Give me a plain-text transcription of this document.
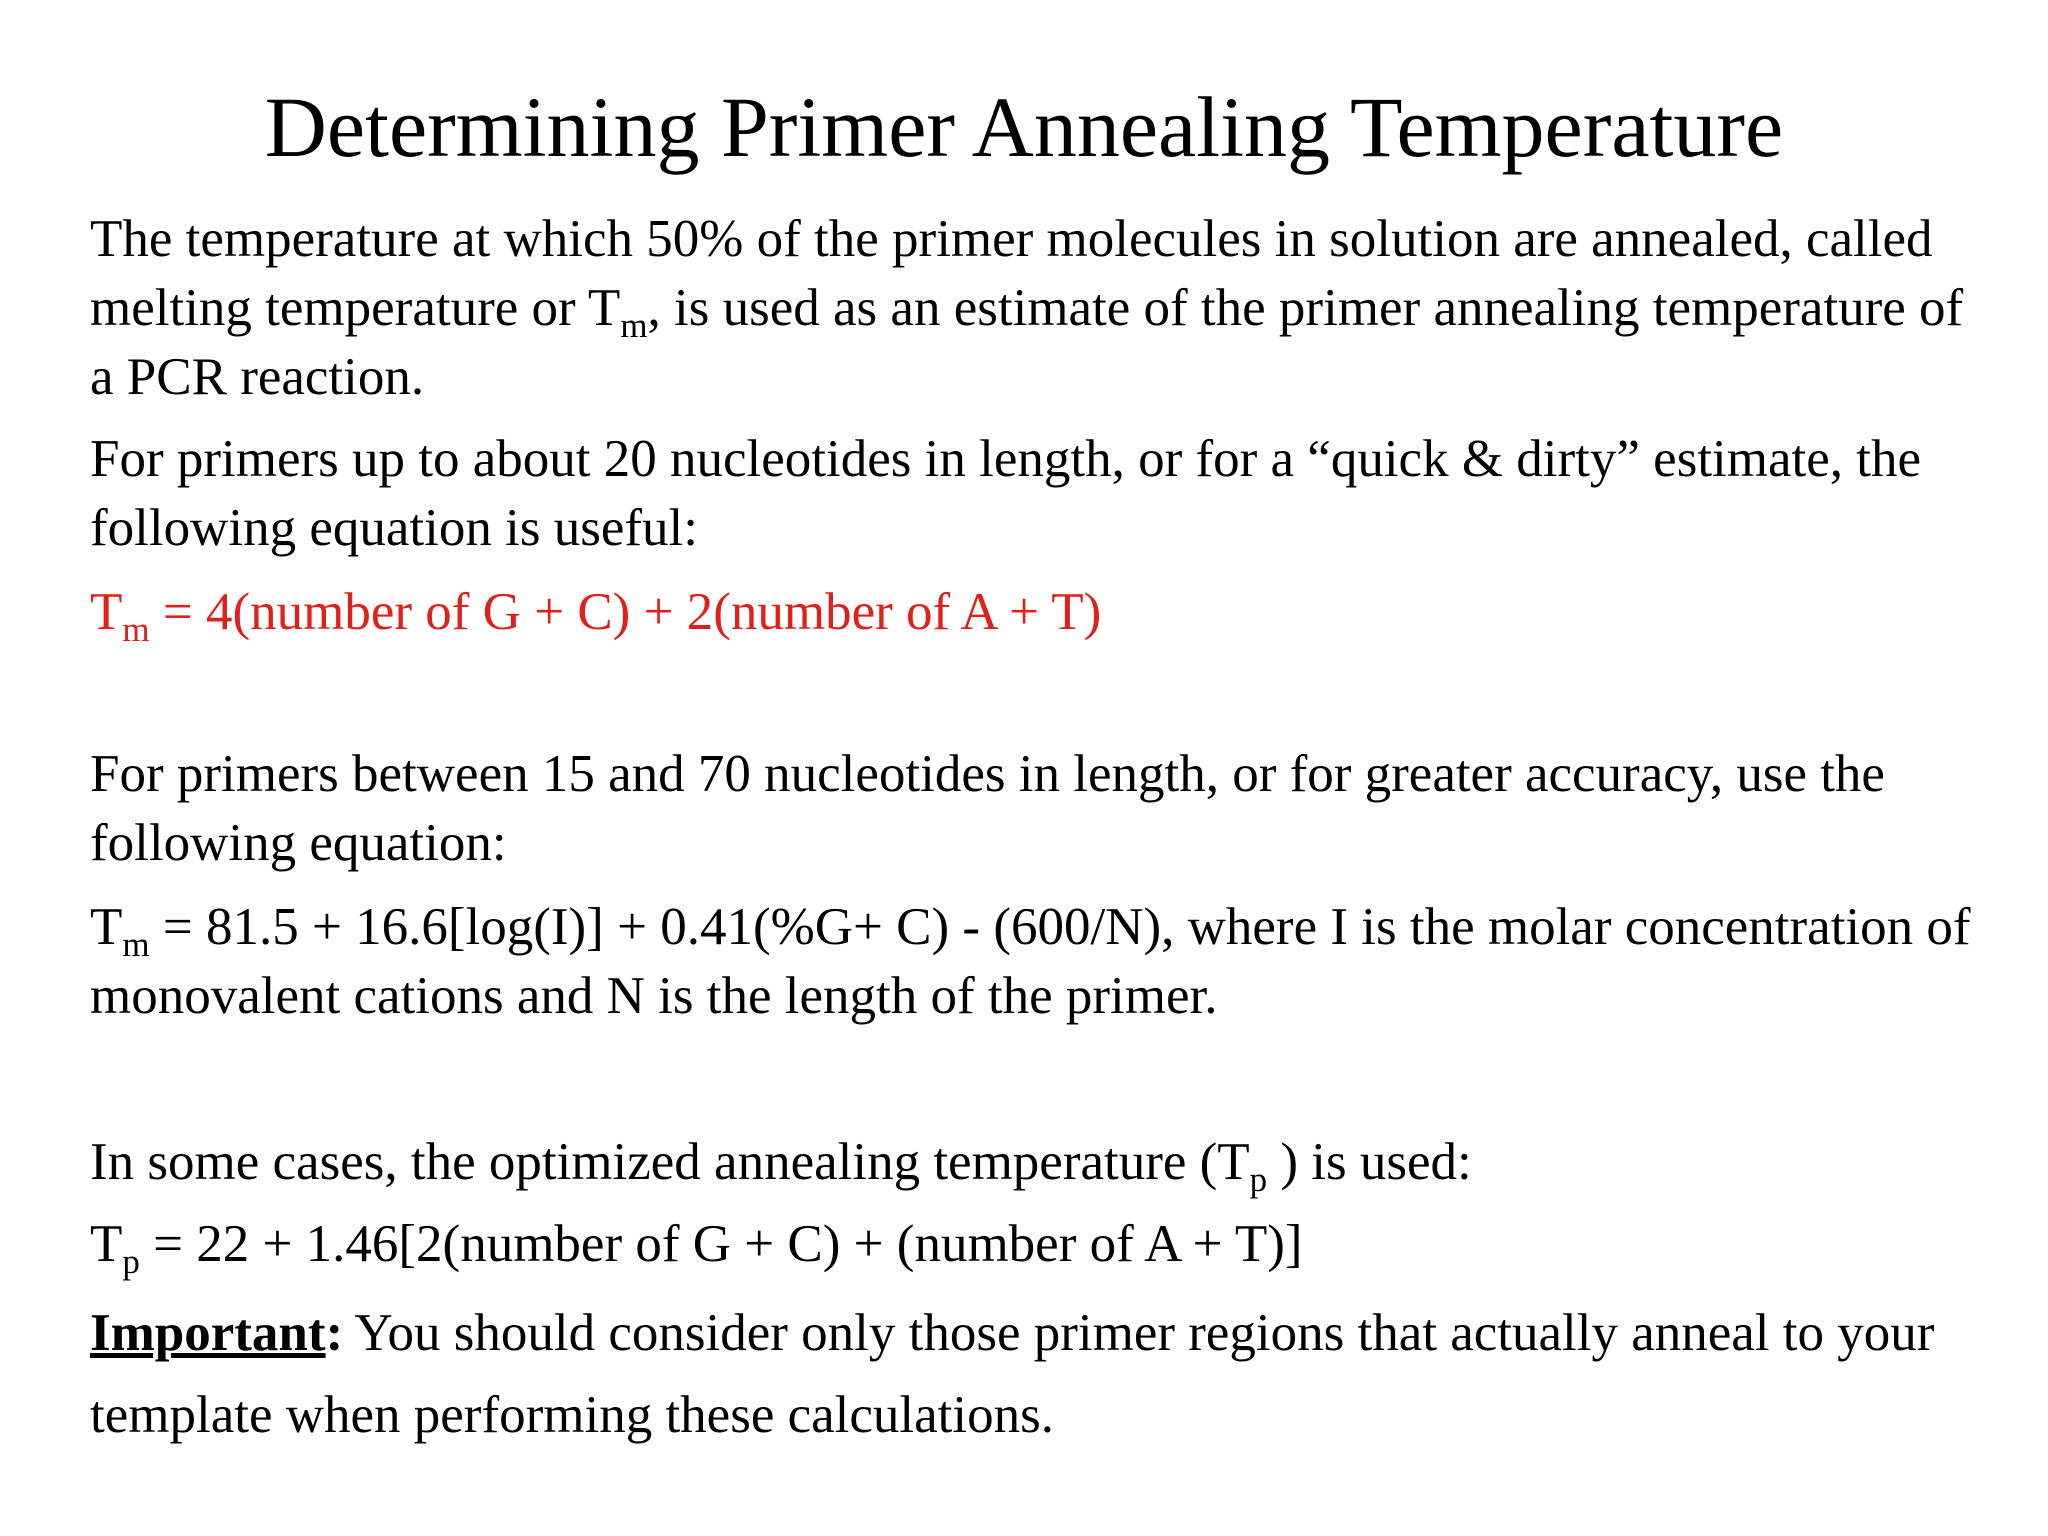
Determining Primer Annealing Temperature
The temperature at which 50% of the primer molecules in solution are annealed, called melting temperature or $T_m$, is used as an estimate of the primer annealing temperature of a PCR reaction.
For primers up to about 20 nucleotides in length, or for a “quick & dirty” estimate, the following equation is useful:
$T_m$ = 4(number of G + C) + 2(number of A + T)
For primers between 15 and 70 nucleotides in length, or for greater accuracy, use the following equation:
$T_m = 81.5 + 16.6[\log(I)] + 0.41(\%G+ C) - (600/N)$, where I is the molar concentration of monovalent cations and N is the length of the primer.
In some cases, the optimized annealing temperature ($T_p$ ) is used:
$T_p = 22$ + 1.46[2(number of G + C) + (number of A + T)]
Important: You should consider only those primer regions that actually anneal to your template when performing these calculations.
